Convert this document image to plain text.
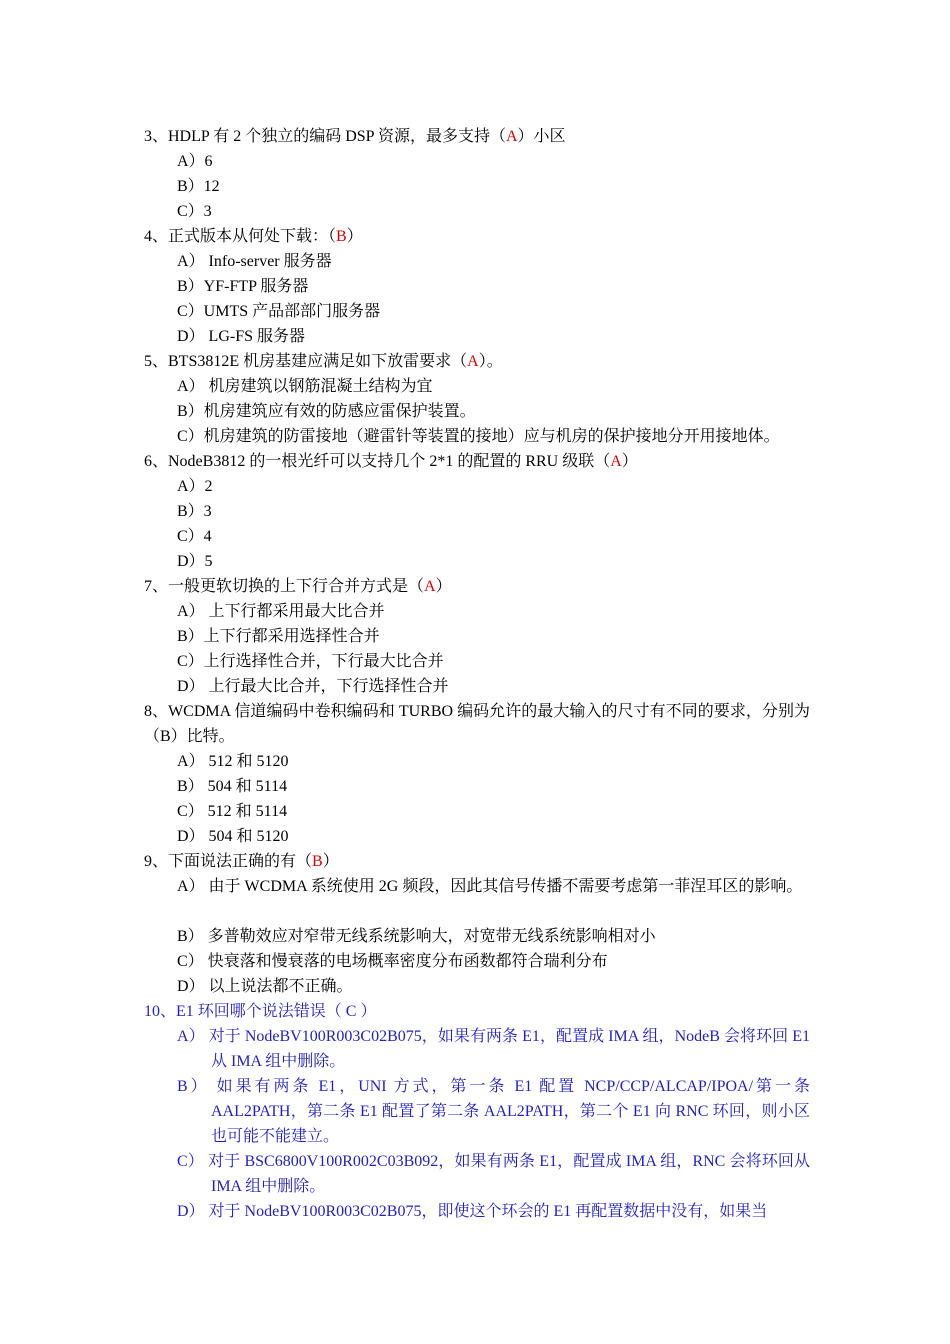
3、HDLP 有 2 个独立的编码 DSP 资源，最多支持（A）小区

A）6

B）12

C）3

4、正式版本从何处下载：（B）

A） Info-server 服务器

B）YF-FTP 服务器

C）UMTS 产品部部门服务器

D） LG-FS 服务器

5、BTS3812E 机房基建应满足如下放雷要求（A）。

A） 机房建筑以钢筋混凝土结构为宜

B）机房建筑应有效的防感应雷保护装置。

C）机房建筑的防雷接地（避雷针等装置的接地）应与机房的保护接地分开用接地体。

6、NodeB3812 的一根光纤可以支持几个 2*1 的配置的 RRU 级联（A）

A）2

B）3

C）4

D）5

7、一般更软切换的上下行合并方式是（A）

A） 上下行都采用最大比合并

B）上下行都采用选择性合并

C）上行选择性合并，下行最大比合并

D） 上行最大比合并，下行选择性合并

8、WCDMA 信道编码中卷积编码和 TURBO 编码允许的最大输入的尺寸有不同的要求，分别为（B）比特。

A） 512 和 5120

B） 504 和 5114

C） 512 和 5114

D） 504 和 5120

9、下面说法正确的有（B）

A） 由于 WCDMA 系统使用 2G 频段，因此其信号传播不需要考虑第一菲涅耳区的影响。

B） 多普勒效应对窄带无线系统影响大，对宽带无线系统影响相对小

C） 快衰落和慢衰落的电场概率密度分布函数都符合瑞利分布

D） 以上说法都不正确。

10、E1 环回哪个说法错误（ C ）

A） 对于 NodeBV100R003C02B075，如果有两条 E1，配置成 IMA 组，NodeB 会将环回 E1 从 IMA 组中删除。

B） 如果有两条 E1，UNI 方式，第一条 E1 配置 NCP/CCP/ALCAP/IPOA/第一条 AAL2PATH，第二条 E1 配置了第二条 AAL2PATH，第二个 E1 向 RNC 环回，则小区也可能不能建立。

C） 对于 BSC6800V100R002C03B092，如果有两条 E1，配置成 IMA 组，RNC 会将环回从 IMA 组中删除。

D） 对于 NodeBV100R003C02B075，即使这个环会的 E1 再配置数据中没有，如果当
